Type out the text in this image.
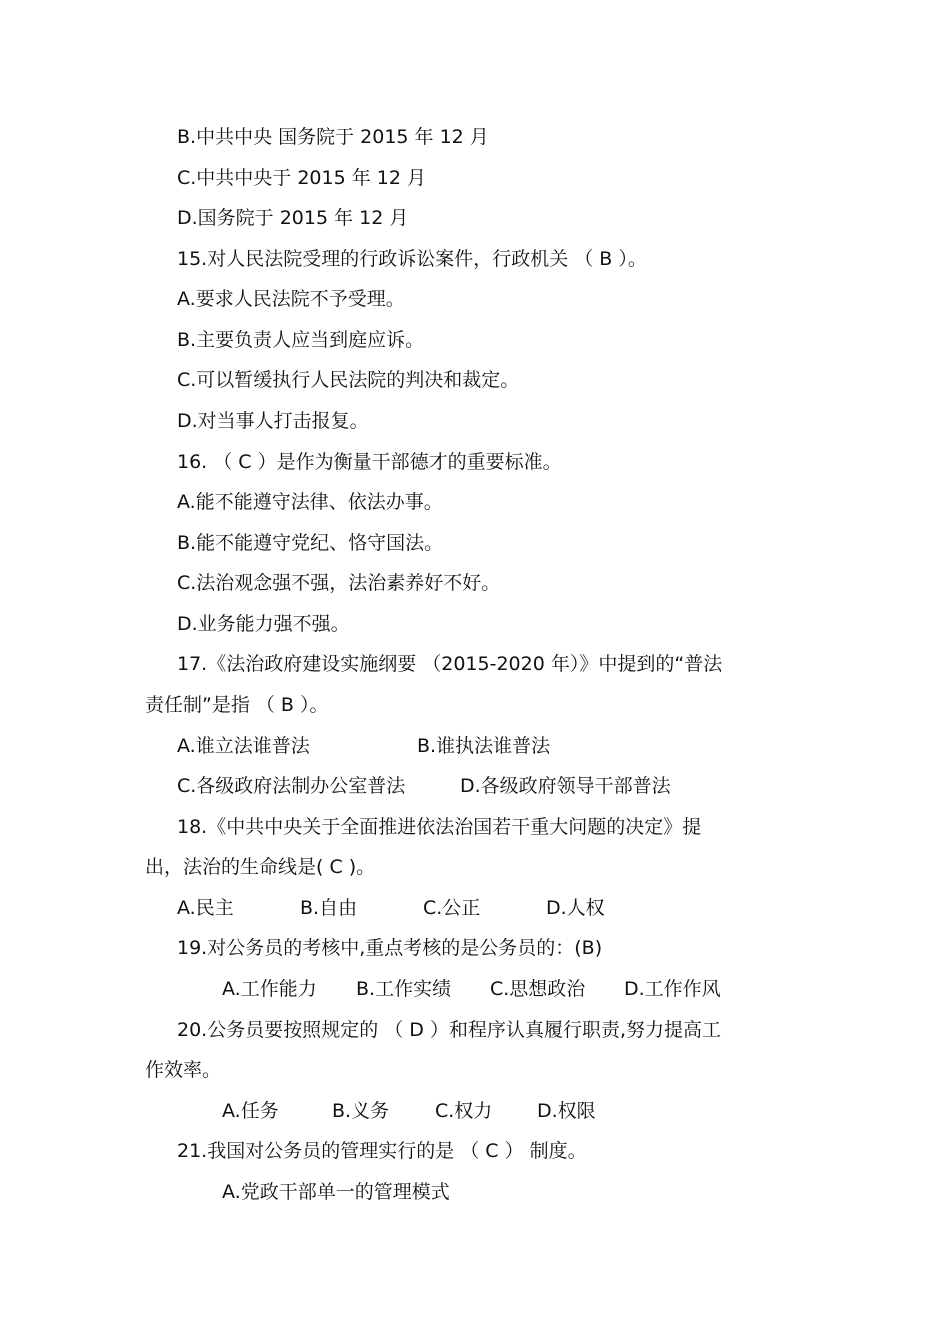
B.中共中央 国务院于 2015 年 12 月
C.中共中央于 2015 年 12 月
D.国务院于 2015 年 12 月
15.对人民法院受理的行政诉讼案件，行政机关 （ B ）。
A.要求人民法院不予受理。
B.主要负责人应当到庭应诉。
C.可以暂缓执行人民法院的判决和裁定。
D.对当事人打击报复。
16. （ C ）是作为衡量干部德才的重要标准。
A.能不能遵守法律、依法办事。
B.能不能遵守党纪、恪守国法。
C.法治观念强不强，法治素养好不好。
D.业务能力强不强。
17.《法治政府建设实施纲要 （2015-2020 年）》中提到的“普法
责任制”是指 （ B ）。
A.谁立法谁普法	B.谁执法谁普法
C.各级政府法制办公室普法	D.各级政府领导干部普法
18.《中共中央关于全面推进依法治国若干重大问题的决定》提
出，法治的生命线是( C )。
A.民主	B.自由	C.公正	D.人权
19.对公务员的考核中,重点考核的是公务员的：(B)
A.工作能力 B.工作实绩 C.思想政治 D.工作作风
20.公务员要按照规定的 （ D ）和程序认真履行职责,努力提高工
作效率。
A.任务	B.义务 C.权力 D.权限
21.我国对公务员的管理实行的是 （ C ） 制度。
A.党政干部单一的管理模式
